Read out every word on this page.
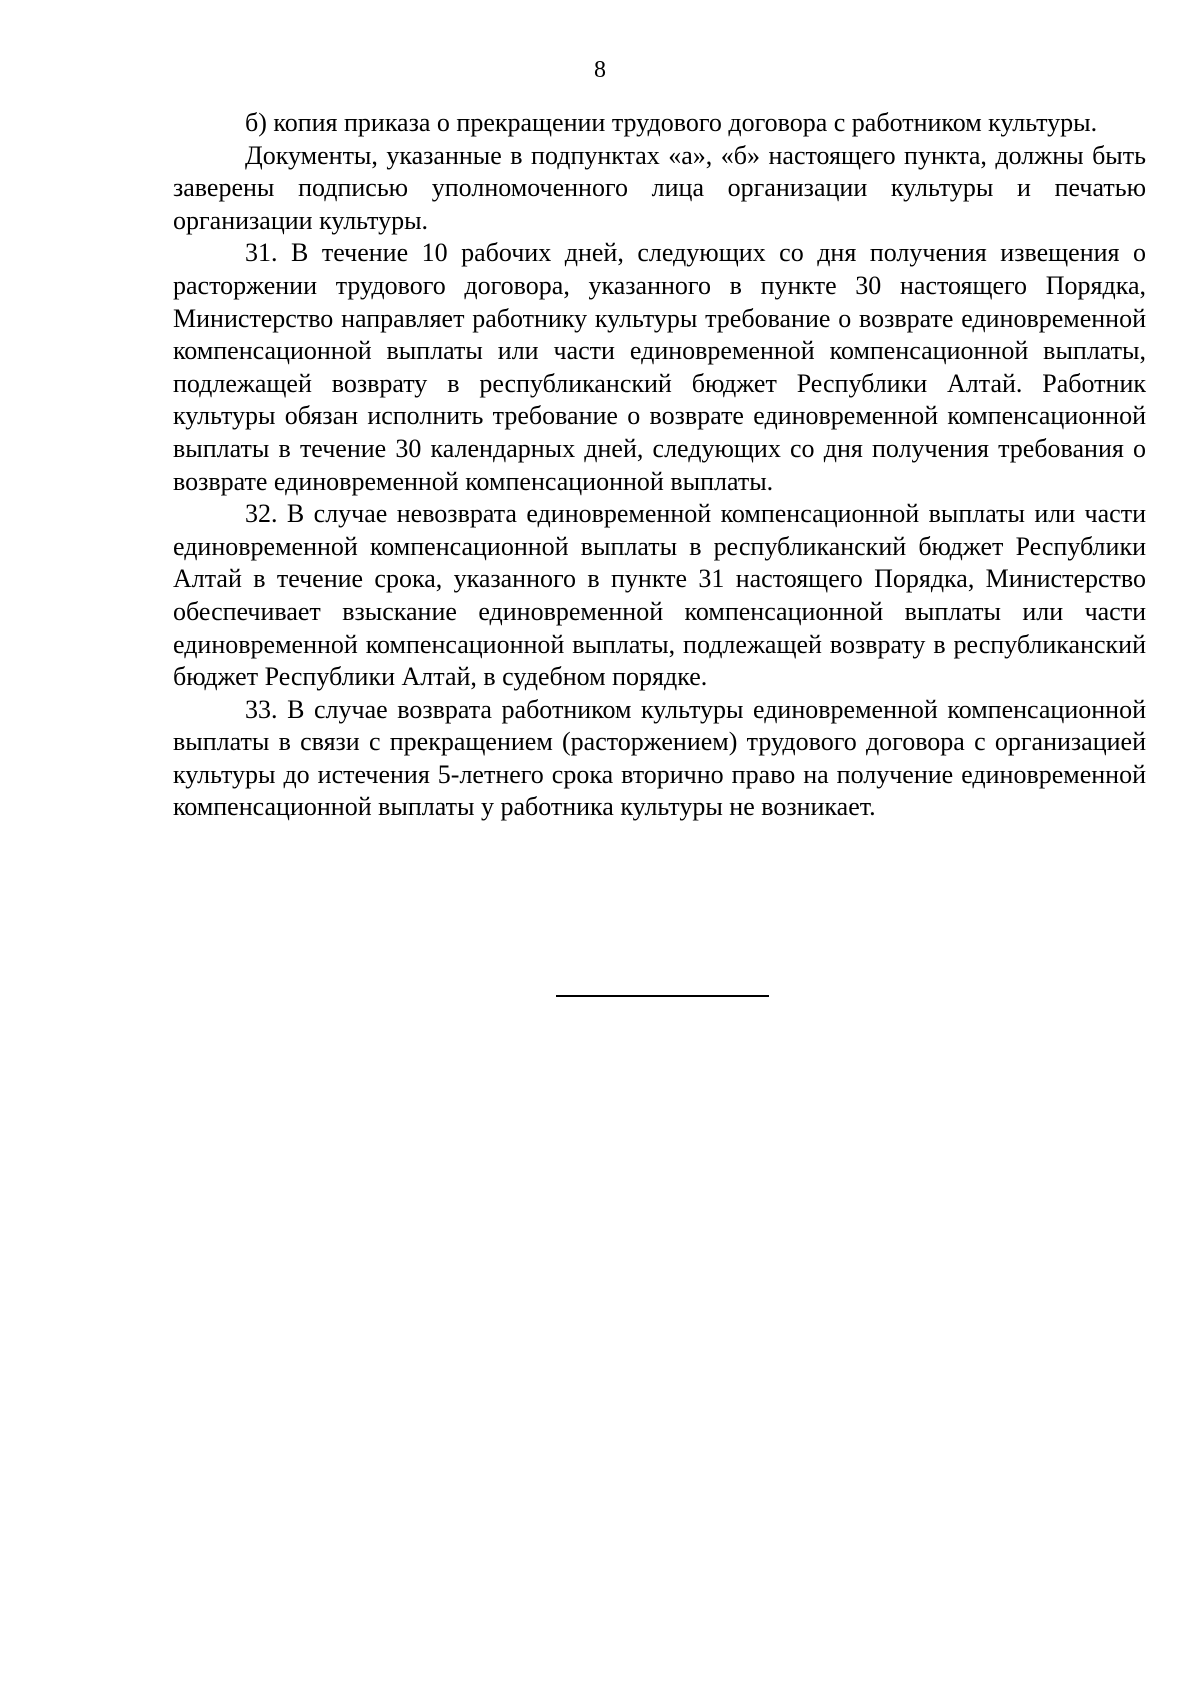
8

б) копия приказа о прекращении трудового договора с работником культуры.

Документы, указанные в подпунктах «а», «б» настоящего пункта, должны быть заверены подписью уполномоченного лица организации культуры и печатью организации культуры.

31. В течение 10 рабочих дней, следующих со дня получения извещения о расторжении трудового договора, указанного в пункте 30 настоящего Порядка, Министерство направляет работнику культуры требование о возврате единовременной компенсационной выплаты или части единовременной компенсационной выплаты, подлежащей возврату в республиканский бюджет Республики Алтай. Работник культуры обязан исполнить требование о возврате единовременной компенсационной выплаты в течение 30 календарных дней, следующих со дня получения требования о возврате единовременной компенсационной выплаты.

32. В случае невозврата единовременной компенсационной выплаты или части единовременной компенсационной выплаты в республиканский бюджет Республики Алтай в течение срока, указанного в пункте 31 настоящего Порядка, Министерство обеспечивает взыскание единовременной компенсационной выплаты или части единовременной компенсационной выплаты, подлежащей возврату в республиканский бюджет Республики Алтай, в судебном порядке.

33. В случае возврата работником культуры единовременной компенсационной выплаты в связи с прекращением (расторжением) трудового договора с организацией культуры до истечения 5-летнего срока вторично право на получение единовременной компенсационной выплаты у работника культуры не возникает.
